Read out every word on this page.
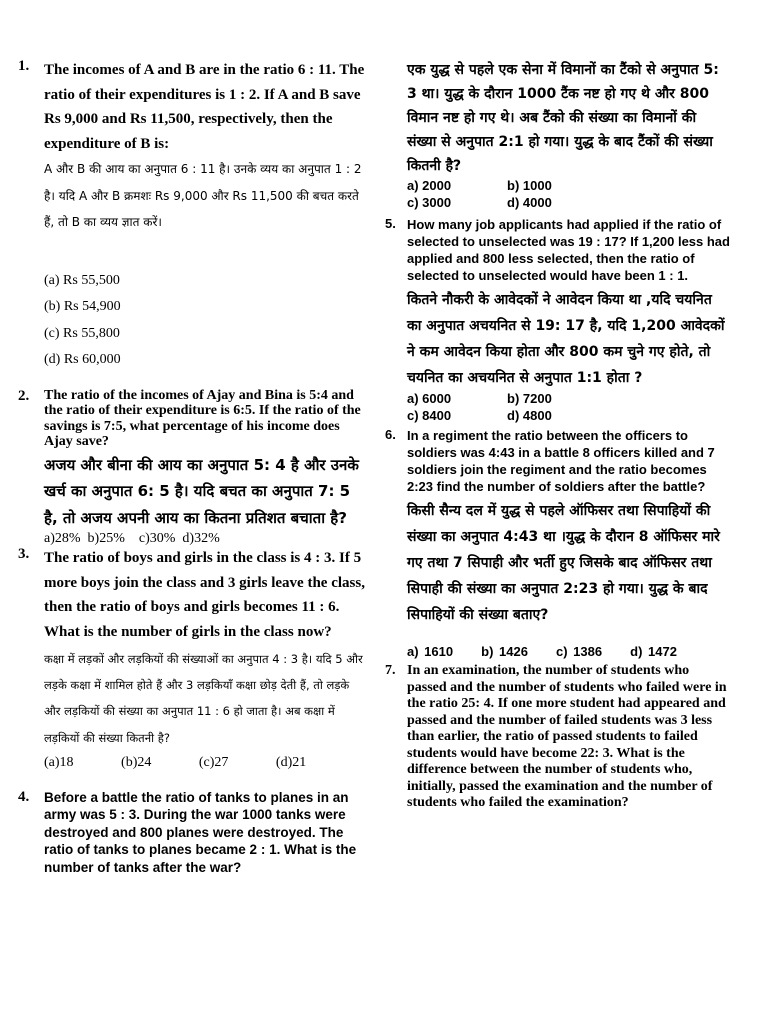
1. The incomes of A and B are in the ratio 6 : 11. The ratio of their expenditures is 1 : 2. If A and B save Rs 9,000 and Rs 11,500, respectively, then the expenditure of B is:

A और B की आय का अनुपात 6 : 11 है। उनके व्यय का अनुपात 1 : 2 है। यदि A और B क्रमशः Rs 9,000 और Rs 11,500 की बचत करते हैं, तो B का व्यय ज्ञात करें।

(a) Rs 55,500
(b) Rs 54,900
(c) Rs 55,800
(d) Rs 60,000
2. The ratio of the incomes of Ajay and Bina is 5:4 and the ratio of their expenditure is 6:5. If the ratio of the savings is 7:5, what percentage of his income does Ajay save?

अजय और बीना की आय का अनुपात 5: 4 है और उनके खर्च का अनुपात 6: 5 है। यदि बचत का अनुपात 7: 5 है, तो अजय अपनी आय का कितना प्रतिशत बचाता है?

a)28%  b)25%    c)30%  d)32%

3. The ratio of boys and girls in the class is 4 : 3. If 5 more boys join the class and 3 girls leave the class, then the ratio of boys and girls becomes 11 : 6. What is the number of girls in the class now?

कक्षा में लड़कों और लड़कियों की संख्याओं का अनुपात 4 : 3 है। यदि 5 और लड़के कक्षा में शामिल होते हैं और 3 लड़कियाँ कक्षा छोड़ देती हैं, तो लड़के और लड़कियों की संख्या का अनुपात 11 : 6 हो जाता है। अब कक्षा में लड़कियों की संख्या कितनी है?

(a)18     (b)24     (c)27     (d)21

4. Before a battle the ratio of tanks to planes in an army was 5 : 3. During the war 1000 tanks were destroyed and 800 planes were destroyed. The ratio of tanks to planes became 2 : 1. What is the number of tanks after the war?

एक युद्ध से पहले एक सेना में विमानों का टैंको से अनुपात 5: 3 था। युद्ध के दौरान 1000 टैंक नष्ट हो गए थे और 800 विमान नष्ट हो गए थे। अब टैंको की संख्या का विमानों की संख्या से अनुपात 2:1 हो गया। युद्ध के बाद टैंकों की संख्या कितनी है?

a) 2000	b) 1000
c) 3000	d) 4000
5. How many job applicants had applied if the ratio of selected to unselected was 19 : 17? If 1,200 less had applied and 800 less selected, then the ratio of selected to unselected would have been 1 : 1.

कितने नौकरी के आवेदकों ने आवेदन किया था ,यदि चयनित का अनुपात अचयनित से 19: 17 है, यदि 1,200 आवेदकों ने कम आवेदन किया होता और 800 कम चुने गए होते, तो चयनित का अचयनित से अनुपात 1:1 होता ?

a) 6000	b) 7200
c) 8400	d) 4800
6. In a regiment the ratio between the officers to soldiers was 4:43 in a battle 8 officers killed and 7 soldiers join the regiment and the ratio becomes 2:23 find the number of soldiers after the battle?

किसी सैन्य दल में युद्ध से पहले ऑफिसर तथा सिपाहियों की संख्या का अनुपात 4:43 था ।युद्ध के दौरान 8 ऑफिसर मारे गए तथा 7 सिपाही और भर्ती हुए जिसके बाद ऑफिसर तथा सिपाही की संख्या का अनुपात 2:23 हो गया। युद्ध के बाद सिपाहियों की संख्या बताए?

a) 1610     b) 1426     c) 1386     d) 1472

7. In an examination, the number of students who passed and the number of students who failed were in the ratio 25: 4. If one more student had appeared and passed and the number of failed students was 3 less than earlier, the ratio of passed students to failed students would have become 22: 3. What is the difference between the number of students who, initially, passed the examination and the number of students who failed the examination?
